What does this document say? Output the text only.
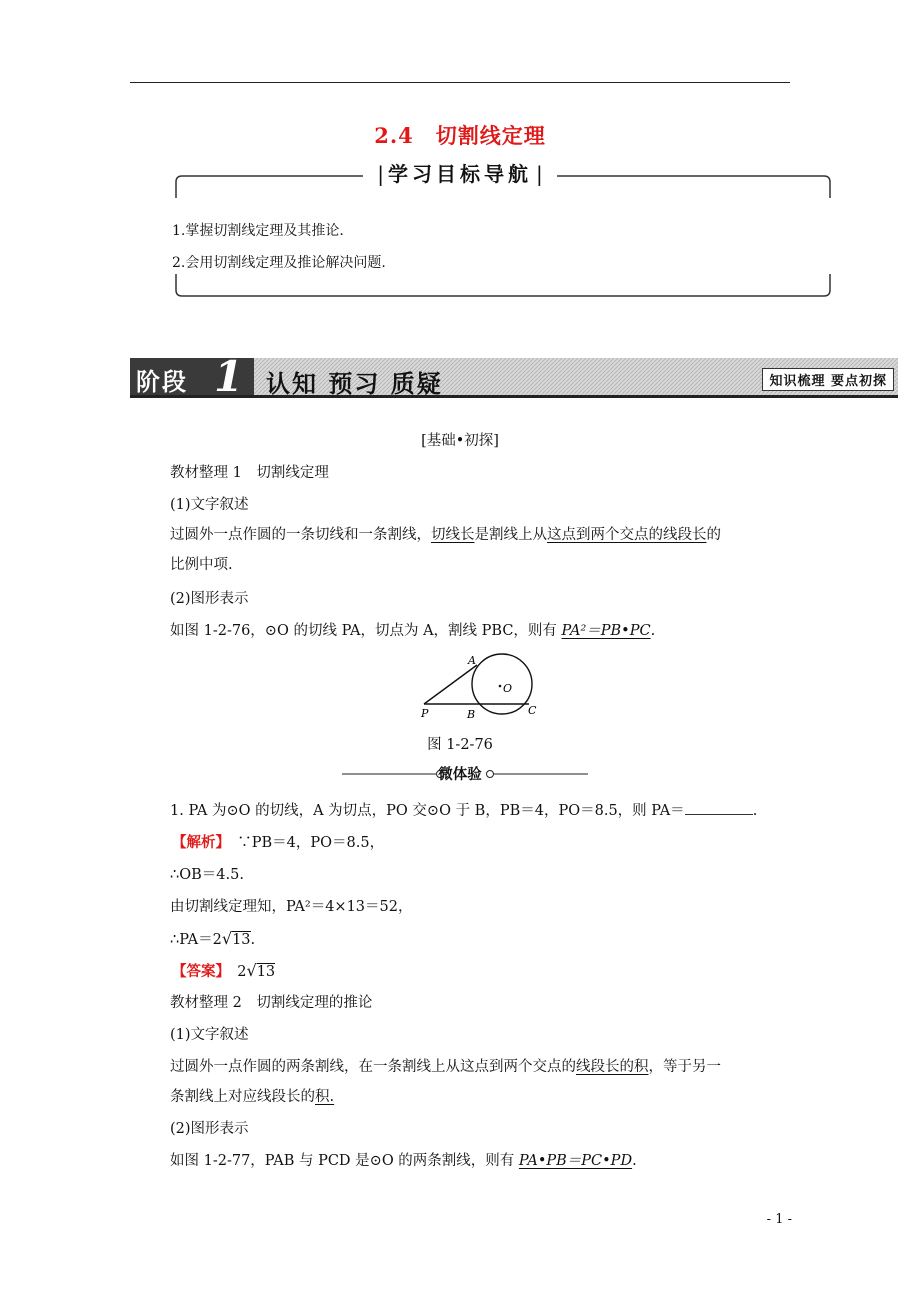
2.4　切割线定理
| 学习目标导航 |
1.掌握切割线定理及其推论.
2.会用切割线定理及推论解决问题.
阶段 1 认知 预习 质疑	知识梳理 要点初探
[基础•初探]
教材整理 1　切割线定理
(1)文字叙述
过圆外一点作圆的一条切线和一条割线，切线长是割线上从这点到两个交点的线段长的
比例中项.
(2)图形表示
如图 1-2-76，⊙O 的切线 PA，切点为 A，割线 PBC，则有 PA²＝PB•PC.
A
O
P	B	C
图 1-2-76
微体验
1. PA 为⊙O 的切线，A 为切点，PO 交⊙O 于 B，PB＝4，PO＝8.5，则 PA＝	.
【解析】　 ∵PB＝4，PO＝8.5，
∴OB＝4.5.
由切割线定理知，PA²＝4×13＝52，
∴PA＝2√13.
【答案】　 2√13
教材整理 2　切割线定理的推论
(1)文字叙述
过圆外一点作圆的两条割线，在一条割线上从这点到两个交点的线段长的积，等于另一
条割线上对应线段长的积.
(2)图形表示
如图 1-2-77，PAB 与 PCD 是⊙O 的两条割线，则有 PA•PB＝PC•PD.
- 1 -
